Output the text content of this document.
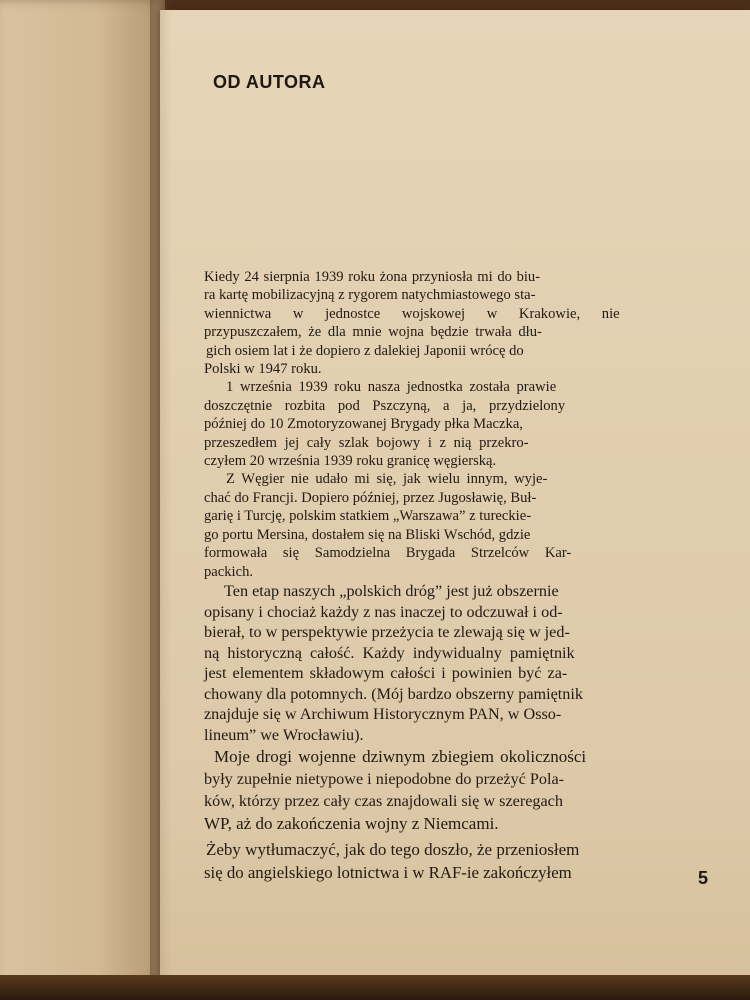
OD AUTORA
Kiedy 24 sierpnia 1939 roku żona przyniosła mi do biu-
ra kartę mobilizacyjną z rygorem natychmiastowego sta-
wiennictwa w jednostce wojskowej w Krakowie, nie
przypuszczałem, że dla mnie wojna będzie trwała dłu-
gich osiem lat i że dopiero z dalekiej Japonii wrócę do
Polski w 1947 roku.
1 września 1939 roku nasza jednostka została prawie
doszczętnie rozbita pod Pszczyną, a ja, przydzielony
później do 10 Zmotoryzowanej Brygady płka Maczka,
przeszedłem jej cały szlak bojowy i z nią przekro-
czyłem 20 września 1939 roku granicę węgierską.
Z Węgier nie udało mi się, jak wielu innym, wyje-
chać do Francji. Dopiero później, przez Jugosławię, Buł-
garię i Turcję, polskim statkiem „Warszawa” z tureckie-
go portu Mersina, dostałem się na Bliski Wschód, gdzie
formowała się Samodzielna Brygada Strzelców Kar-
packich.
Ten etap naszych „polskich dróg” jest już obszernie
opisany i chociaż każdy z nas inaczej to odczuwał i od-
bierał, to w perspektywie przeżycia te zlewają się w jed-
ną historyczną całość. Każdy indywidualny pamiętnik
jest elementem składowym całości i powinien być za-
chowany dla potomnych. (Mój bardzo obszerny pamiętnik
znajduje się w Archiwum Historycznym PAN, w Osso-
lineum” we Wrocławiu).
Moje drogi wojenne dziwnym zbiegiem okoliczności
były zupełnie nietypowe i niepodobne do przeżyć Pola-
ków, którzy przez cały czas znajdowali się w szeregach
WP, aż do zakończenia wojny z Niemcami.
Żeby wytłumaczyć, jak do tego doszło, że przeniosłem
się do angielskiego lotnictwa i w RAF-ie zakończyłem	5
